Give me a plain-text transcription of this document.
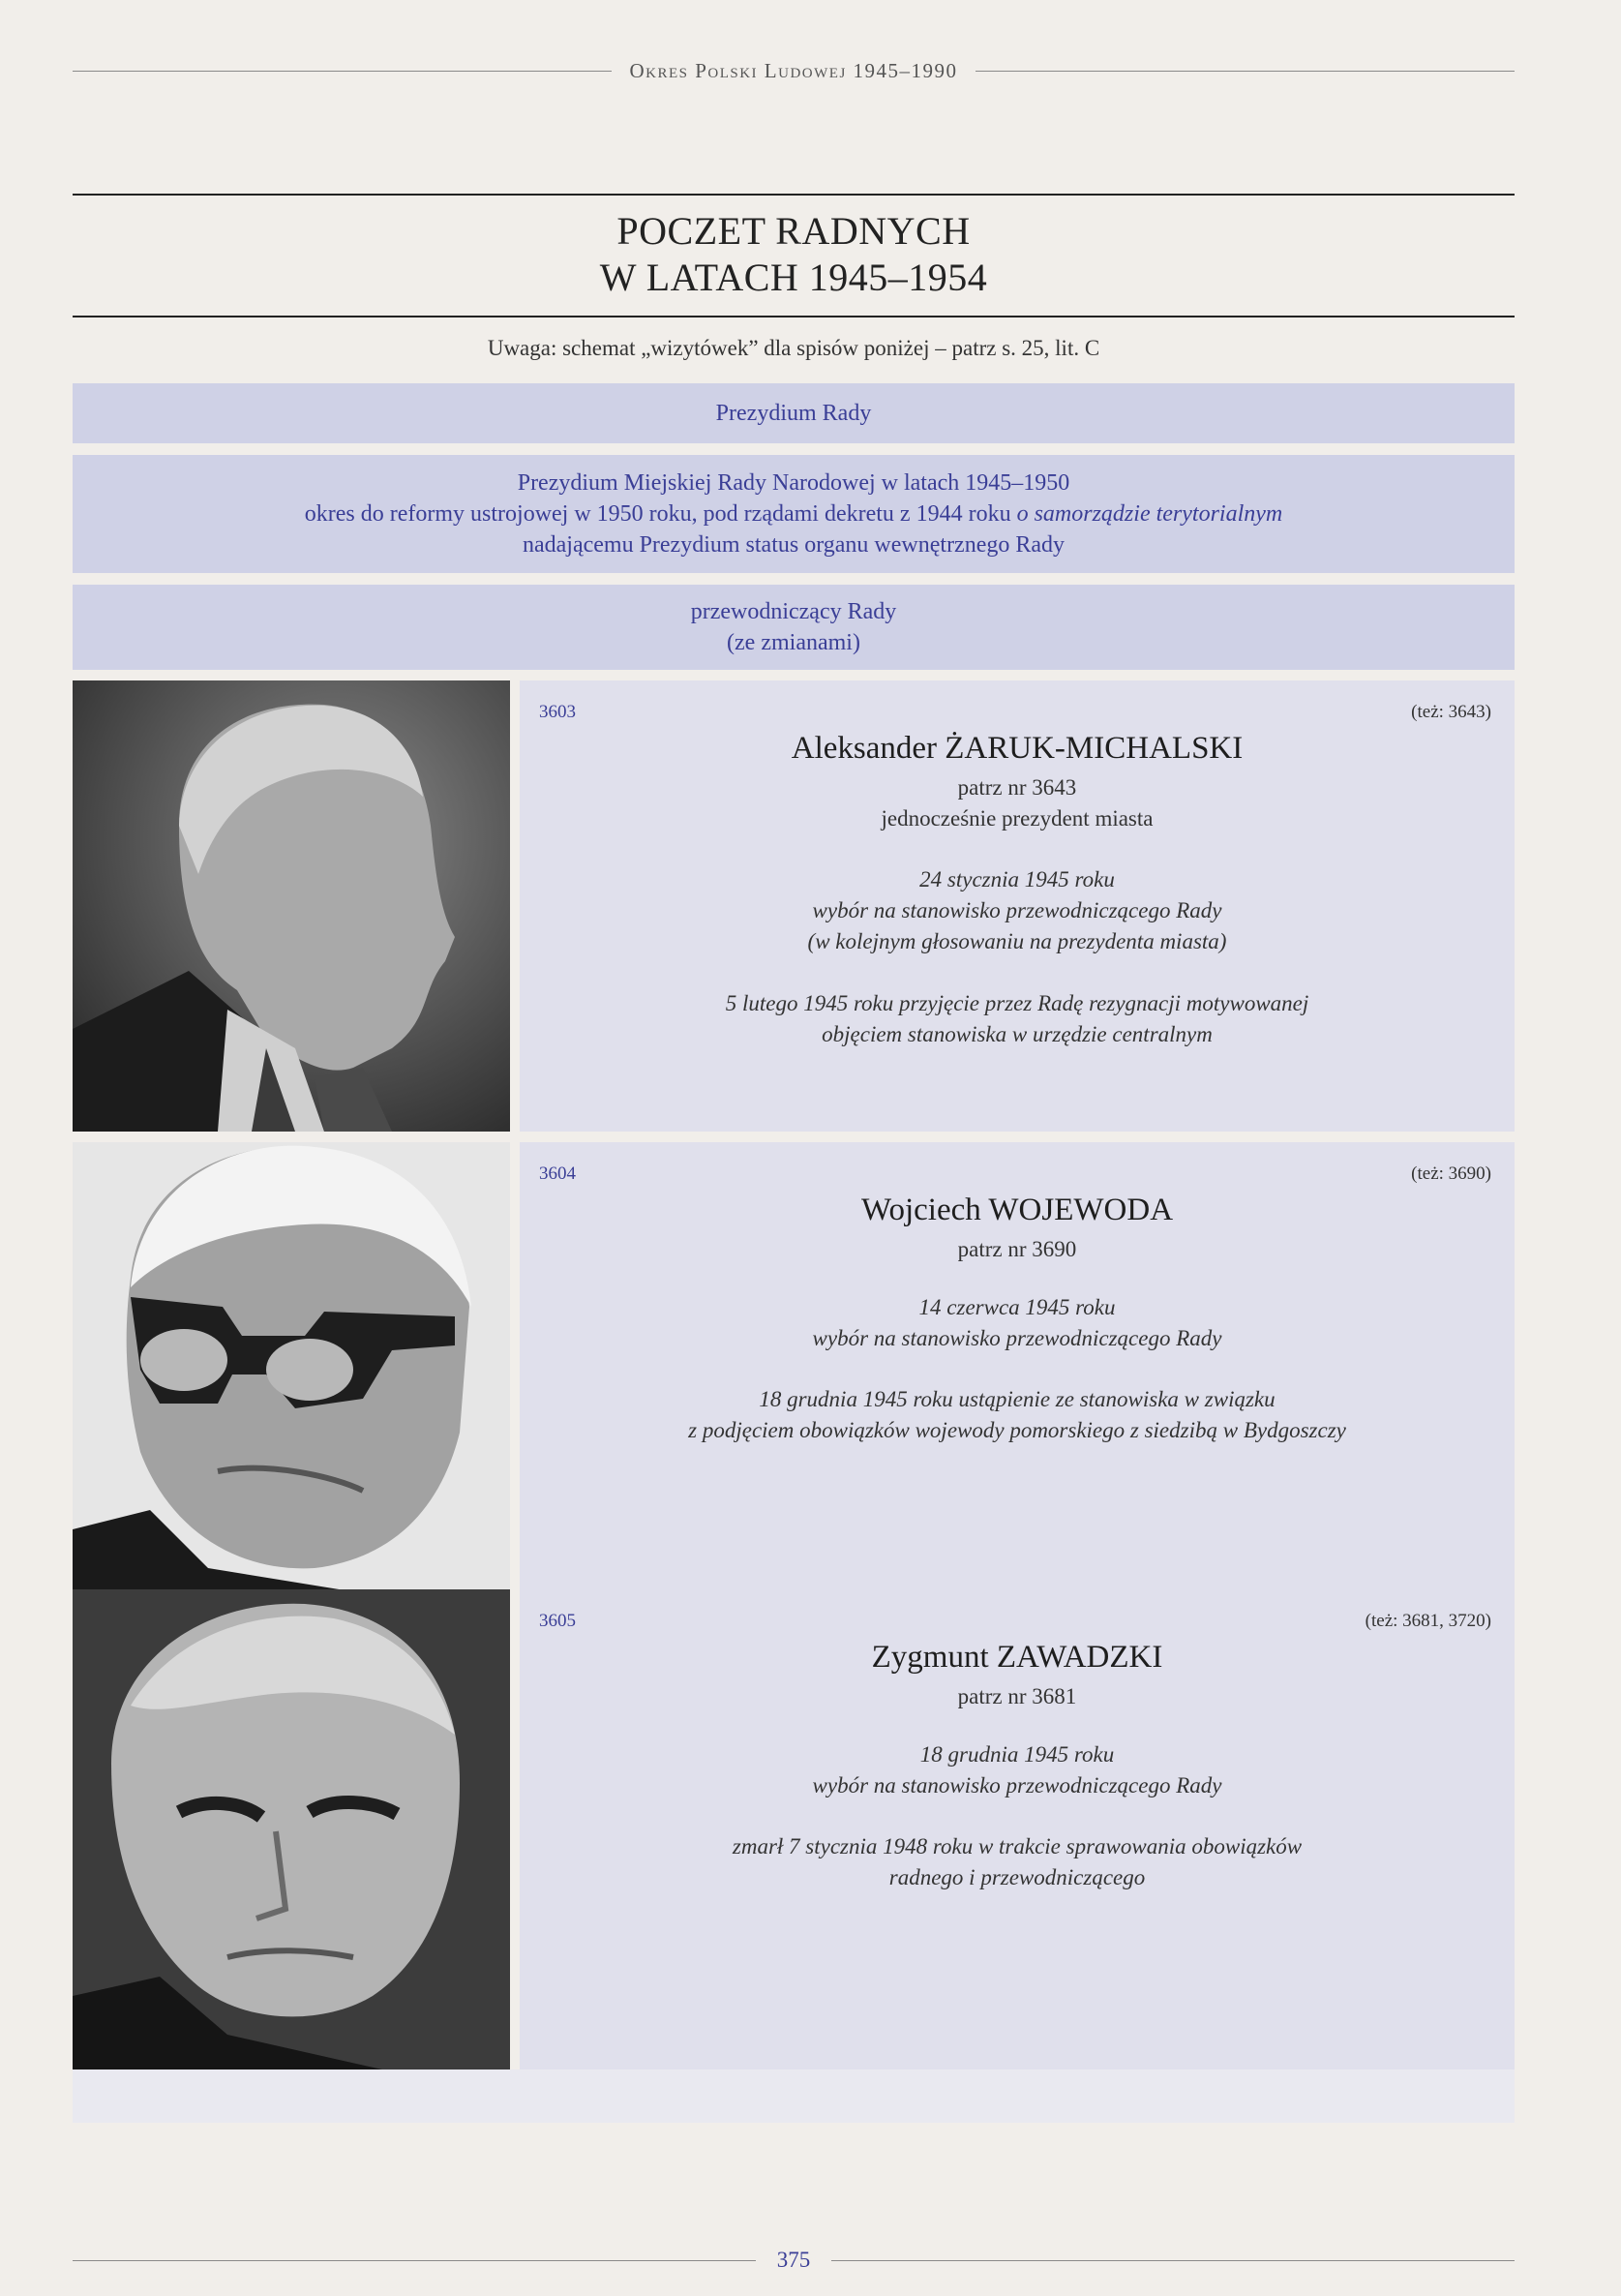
Okres Polski Ludowej 1945–1990
POCZET RADNYCH
W LATACH 1945–1954
Uwaga: schemat „wizytówek” dla spisów poniżej – patrz s. 25, lit. C
Prezydium Rady
Prezydium Miejskiej Rady Narodowej w latach 1945–1950
okres do reformy ustrojowej w 1950 roku, pod rządami dekretu z 1944 roku o samorządzie terytorialnym
nadającemu Prezydium status organu wewnętrznego Rady
przewodniczący Rady
(ze zmianami)
3603	(też: 3643)
Aleksander ŻARUK-MICHALSKI
patrz nr 3643
jednocześnie prezydent miasta
24 stycznia 1945 roku
wybór na stanowisko przewodniczącego Rady
(w kolejnym głosowaniu na prezydenta miasta)
5 lutego 1945 roku przyjęcie przez Radę rezygnacji motywowanej
objęciem stanowiska w urzędzie centralnym
3604	(też: 3690)
Wojciech WOJEWODA
patrz nr 3690
14 czerwca 1945 roku
wybór na stanowisko przewodniczącego Rady
18 grudnia 1945 roku ustąpienie ze stanowiska w związku
z podjęciem obowiązków wojewody pomorskiego z siedzibą w Bydgoszczy
3605	(też: 3681, 3720)
Zygmunt ZAWADZKI
patrz nr 3681
18 grudnia 1945 roku
wybór na stanowisko przewodniczącego Rady
zmarł 7 stycznia 1948 roku w trakcie sprawowania obowiązków
radnego i przewodniczącego
375
